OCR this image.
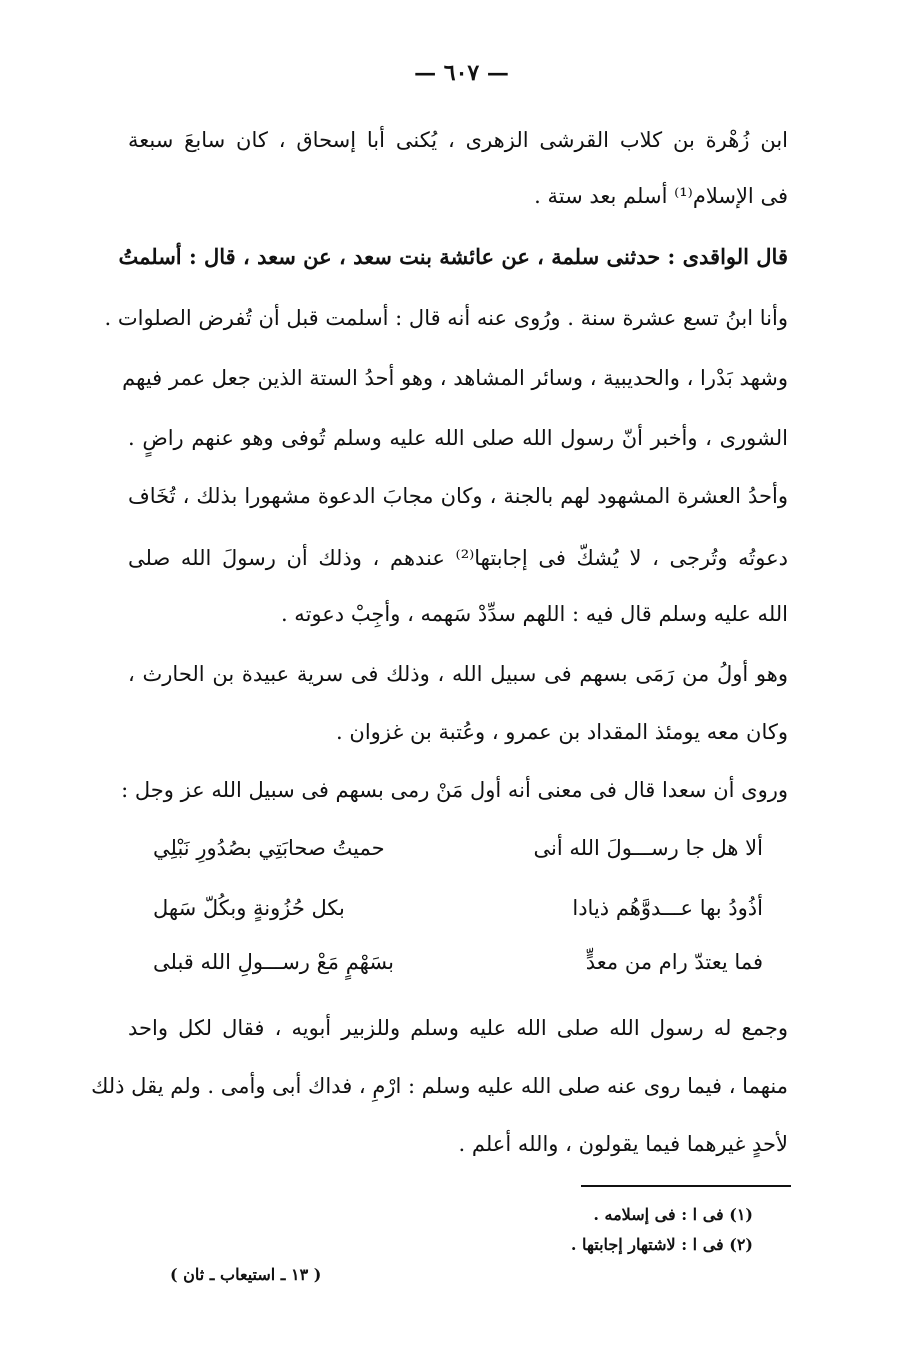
— ٦٠٧ —
ابن زُهْرة بن كلاب القرشى الزهرى ، يُكنى أبا إسحاق ، كان سابعَ سبعة
فى الإسلام⁽¹⁾ أسلم بعد ستة .
قال الواقدى : حدثنى سلمة ، عن عائشة بنت سعد ، عن سعد ، قال : أسلمتُ
وأنا ابنُ تسع عشرة سنة . ورُوى عنه أنه قال : أسلمت قبل أن تُفرض الصلوات .
وشهد بَدْرا ، والحديبية ، وسائر المشاهد ، وهو أحدُ الستة الذين جعل عمر فيهم
الشورى ، وأخبر أنّ رسول الله صلى الله عليه وسلم تُوفى وهو عنهم راضٍ .
وأحدُ العشرة المشهود لهم بالجنة ، وكان مجابَ الدعوة مشهورا بذلك ، تُخَاف
دعوتُه وتُرجى ، لا يُشكّ فى إجابتها⁽²⁾ عندهم ، وذلك أن رسولَ الله صلى
الله عليه وسلم قال فيه : اللهم سدِّدْ سَهمه ، وأجِبْ دعوته .
وهو أولُ من رَمَى بسهم فى سبيل الله ، وذلك فى سرية عبيدة بن الحارث ،
وكان معه يومئذ المقداد بن عمرو ، وعُتبة بن غزوان .
وروى أن سعدا قال فى معنى أنه أول مَنْ رمى بسهم فى سبيل الله عز وجل :
ألا هل جا رســـولَ الله أنى
حميتُ صحابَتِي بصُدُورِ نَبْلِي
أذُودُ بها عـــدوَّهُم ذيادا
بكل حُزُونةٍ وبكُلّ سَهل
فما يعتدّ رام من معدٍّ
بسَهْمٍ مَعْ رســـولِ الله قبلى
وجمع له رسول الله صلى الله عليه وسلم وللزبير أبويه ، فقال لكل واحد
منهما ، فيما روى عنه صلى الله عليه وسلم : ارْمِ ، فداك أبى وأمى . ولم يقل ذلك
لأحدٍ غيرهما فيما يقولون ، والله أعلم .
(١) فى ا : فى إسلامه .
(٢) فى ا : لاشتهار إجابتها .
( ١٣ ـ استيعاب ـ ثان )
